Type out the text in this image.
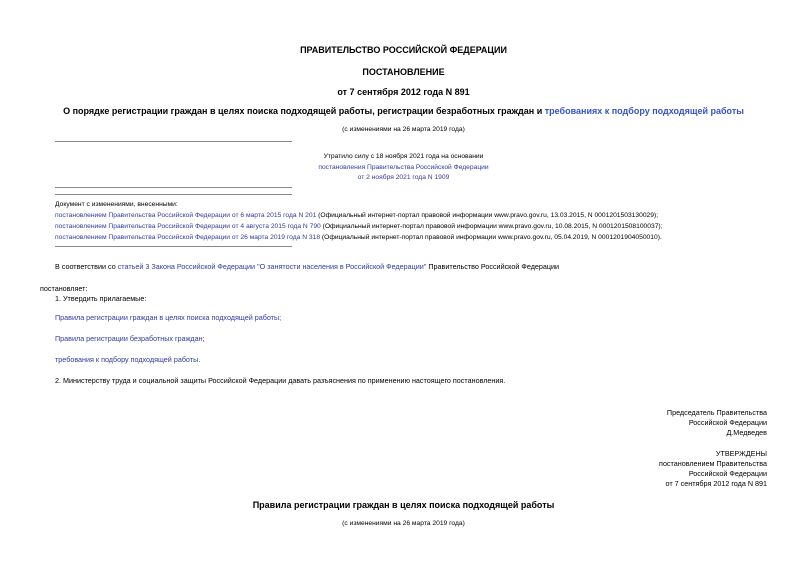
ПРАВИТЕЛЬСТВО РОССИЙСКОЙ ФЕДЕРАЦИИ
ПОСТАНОВЛЕНИЕ
от 7 сентября 2012 года N 891
О порядке регистрации граждан в целях поиска подходящей работы, регистрации безработных граждан и требованиях к подбору подходящей работы
(с изменениями на 26 марта 2019 года)
Утратило силу с 18 ноября 2021 года на основании
постановления Правительства Российской Федерации
от 2 ноября 2021 года N 1909
Документ с изменениями, внесенными:
постановлением Правительства Российской Федерации от 6 марта 2015 года N 201 (Официальный интернет-портал правовой информации www.pravo.gov.ru, 13.03.2015, N 0001201503130029);
постановлением Правительства Российской Федерации от 4 августа 2015 года N 790 (Официальный интернет-портал правовой информации www.pravo.gov.ru, 10.08.2015, N 0001201508100037);
постановлением Правительства Российской Федерации от 26 марта 2019 года N 318 (Официальный интернет-портал правовой информации www.pravo.gov.ru, 05.04.2019, N 0001201904050010).
В соответствии со статьей 3 Закона Российской Федерации "О занятости населения в Российской Федерации" Правительство Российской Федерации
постановляет:
1. Утвердить прилагаемые:
Правила регистрации граждан в целях поиска подходящей работы;
Правила регистрации безработных граждан;
требования к подбору подходящей работы.
2. Министерству труда и социальной защиты Российской Федерации давать разъяснения по применению настоящего постановления.
Председатель Правительства
Российской Федерации
Д.Медведев
УТВЕРЖДЕНЫ
постановлением Правительства
Российской Федерации
от 7 сентября 2012 года N 891
Правила регистрации граждан в целях поиска подходящей работы
(с изменениями на 26 марта 2019 года)
